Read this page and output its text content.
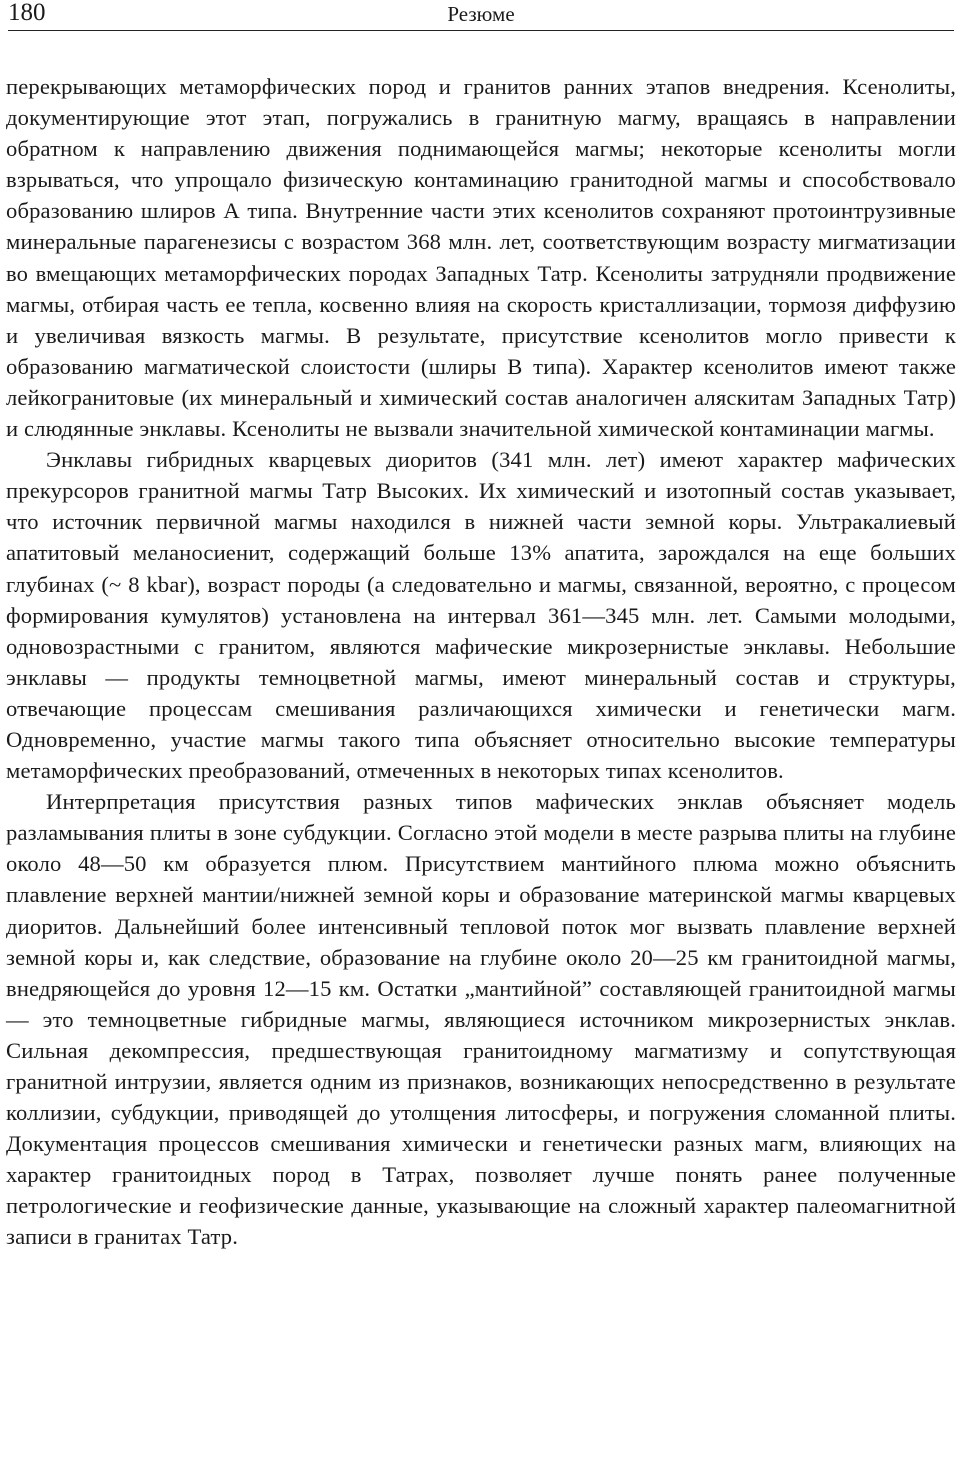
180	Резюме

перекрывающих метаморфических пород и гранитов ранних этапов внедрения. Ксенолиты, документирующие этот этап, погружались в гранитную магму, вращаясь в направлении обратном к направлению движения поднимающейся магмы; некоторые ксенолиты могли взрываться, что упрощало физическую контаминацию гранитодной магмы и способствовало образованию шлиров А типа. Внутренние части этих ксенолитов сохраняют протоинтрузивные минеральные парагенезисы с возрастом 368 млн. лет, соответствующим возрасту мигматизации во вмещающих метаморфических породах Западных Татр. Ксенолиты затрудняли продвижение магмы, отбирая часть ее тепла, косвенно влияя на скорость кристаллизации, тормозя диффузию и увеличивая вязкость магмы. В результате, присутствие ксенолитов могло привести к образованию магматической слоистости (шлиры В типа). Характер ксенолитов имеют также лейкогранитовые (их минеральный и химический состав аналогичен аляскитам Западных Татр) и слюдянные энклавы. Ксенолиты не вызвали значительной химической контаминации магмы.

Энклавы гибридных кварцевых диоритов (341 млн. лет) имеют характер мафических прекурсоров гранитной магмы Татр Высоких. Их химический и изотопный состав указывает, что источник первичной магмы находился в нижней части земной коры. Ультракалиевый апатитовый меланосиенит, содержащий больше 13% апатита, зарождался на еще больших глубинах (~ 8 kbar), возраст породы (а следовательно и магмы, связанной, вероятно, с процесом формирования кумулятов) установлена на интервал 361—345 млн. лет. Самыми молодыми, одновозрастными с гранитом, являются мафические микрозернистые энклавы. Небольшие энклавы — продукты темноцветной магмы, имеют минеральный состав и структуры, отвечающие процессам смешивания различающихся химически и генетически магм. Одновременно, участие магмы такого типа объясняет относительно высокие температуры метаморфических преобразований, отмеченных в некоторых типах ксенолитов.

Интерпретация присутствия разных типов мафических энклав объясняет модель разламывания плиты в зоне субдукции. Согласно этой модели в месте разрыва плиты на глубине около 48—50 км образуется плюм. Присутствием мантийного плюма можно объяснить плавление верхней мантии/нижней земной коры и образование материнской магмы кварцевых диоритов. Дальнейший более интенсивный тепловой поток мог вызвать плавление верхней земной коры и, как следствие, образование на глубине около 20—25 км гранитоидной магмы, внедряющейся до уровня 12—15 км. Остатки „мантийной” составляющей гранитоидной магмы — это темноцветные гибридные магмы, являющиеся источником микрозернистых энклав. Сильная декомпрессия, предшествующая гранитоидному магматизму и сопутствующая гранитной интрузии, является одним из признаков, возникающих непосредственно в результате коллизии, субдукции, приводящей до утолщения литосферы, и погружения сломанной плиты. Документация процессов смешивания химически и генетически разных магм, влияющих на характер гранитоидных пород в Татрах, позволяет лучше понять ранее полученные петрологические и геофизические данные, указывающие на сложный характер палеомагнитной записи в гранитах Татр.
